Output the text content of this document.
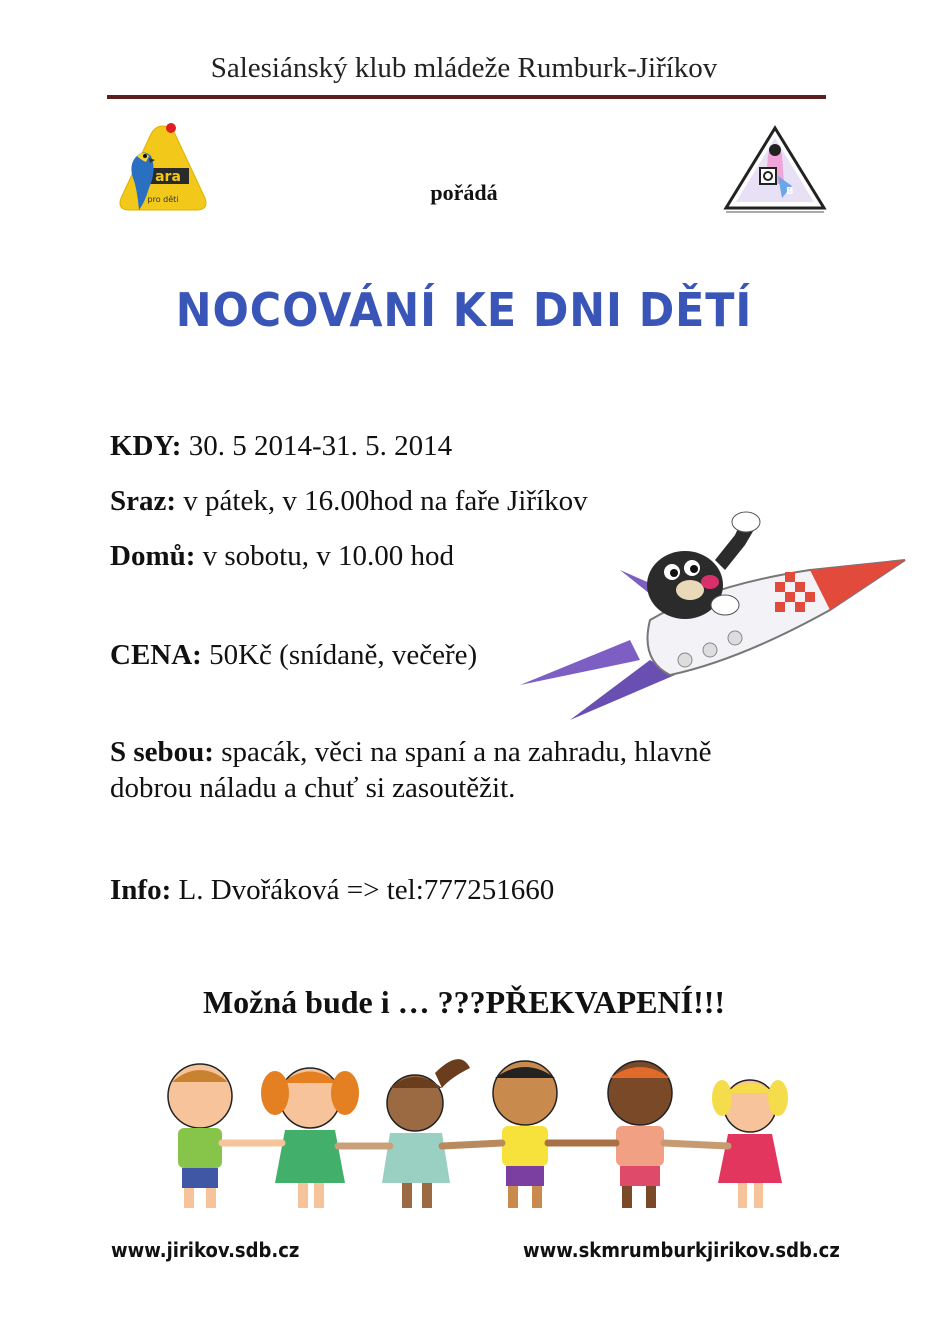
Salesiánský klub mládeže Rumburk-Jiříkov
ara
pro děti
B
pořádá
NOCOVÁNÍ KE DNI DĚTÍ
KDY: 30. 5 2014-31. 5. 2014
Sraz: v pátek, v 16.00hod na faře Jiříkov
Domů: v sobotu, v 10.00 hod
CENA: 50Kč (snídaně, večeře)
S sebou: spacák, věci na spaní a na zahradu, hlavně dobrou náladu a chuť si zasoutěžit.
Info: L. Dvořáková => tel:777251660
Možná bude i … ???PŘEKVAPENÍ!!!
www.jirikov.sdb.cz	www.skmrumburkjirikov.sdb.cz
